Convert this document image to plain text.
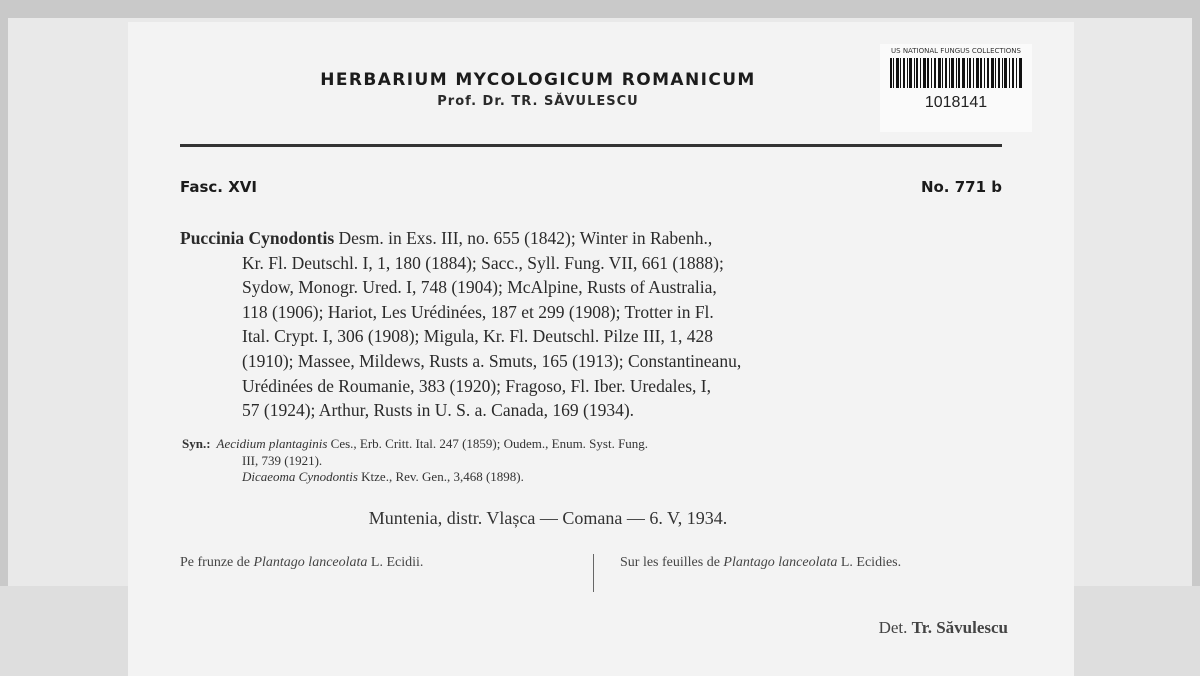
HERBARIUM MYCOLOGICUM ROMANICUM
Prof. Dr. TR. SĂVULESCU
US NATIONAL FUNGUS COLLECTIONS
1018141
Fasc. XVI	No. 771 b
Puccinia Cynodontis Desm. in Exs. III, no. 655 (1842); Winter in Rabenh.,
Kr. Fl. Deutschl. I, 1, 180 (1884); Sacc., Syll. Fung. VII, 661 (1888);
Sydow, Monogr. Ured. I, 748 (1904); McAlpine, Rusts of Australia,
118 (1906); Hariot, Les Urédinées, 187 et 299 (1908); Trotter in Fl.
Ital. Crypt. I, 306 (1908); Migula, Kr. Fl. Deutschl. Pilze III, 1, 428
(1910); Massee, Mildews, Rusts a. Smuts, 165 (1913); Constantineanu,
Urédinées de Roumanie, 383 (1920); Fragoso, Fl. Iber. Uredales, I,
57 (1924); Arthur, Rusts in U. S. a. Canada, 169 (1934).
Syn.: Aecidium plantaginis Ces., Erb. Critt. Ital. 247 (1859); Oudem., Enum. Syst. Fung.
III, 739 (1921).
Dicaeoma Cynodontis Ktze., Rev. Gen., 3,468 (1898).
Muntenia, distr. Vlașca — Comana — 6. V, 1934.
Pe frunze de Plantago lanceolata L. Ecidii.	Sur les feuilles de Plantago lanceolata L. Ecidies.
Det. Tr. Săvulescu
